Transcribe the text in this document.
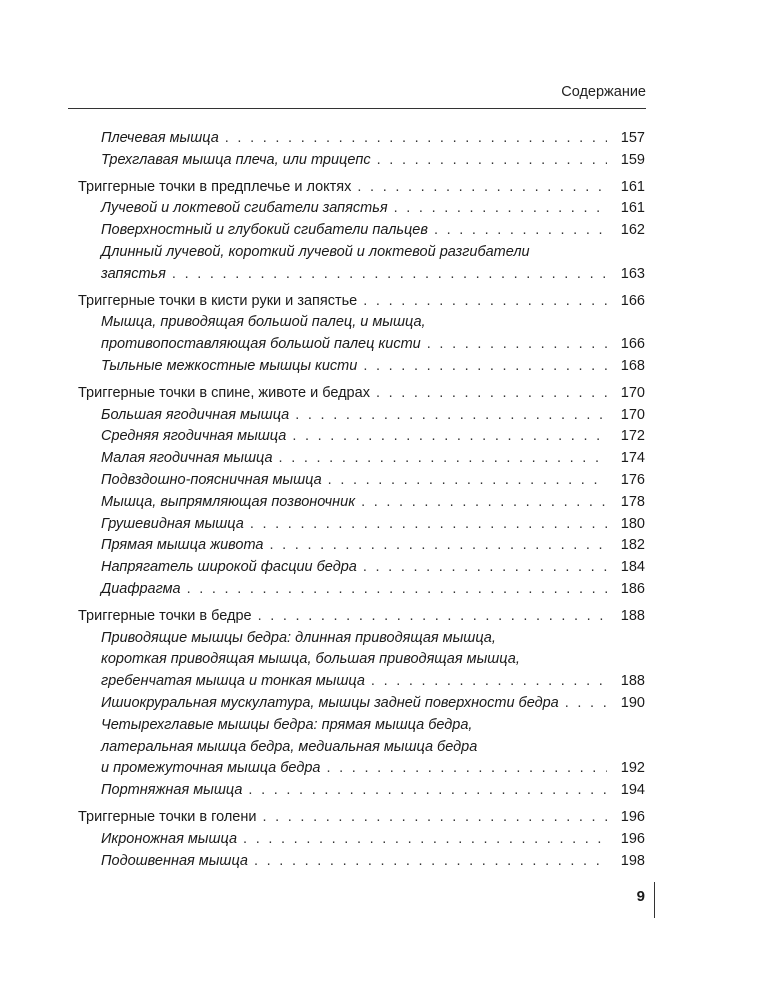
Содержание
Плечевая мышца . . .	157
Трехглавая мышца плеча, или трицепс . . .	159
Триггерные точки в предплечье и локтях . . .	161
Лучевой и локтевой сгибатели запястья . . .	161
Поверхностный и глубокий сгибатели пальцев . . .	162
Длинный лучевой, короткий лучевой и локтевой разгибатели
запястья . . .	163
Триггерные точки в кисти руки и запястье . . .	166
Мышца, приводящая большой палец, и мышца,
противопоставляющая большой палец кисти . . .	166
Тыльные межкостные мышцы кисти . . .	168
Триггерные точки в спине, животе и бедрах . . .	170
Большая ягодичная мышца . . .	170
Средняя ягодичная мышца . . .	172
Малая ягодичная мышца . . .	174
Подвздошно-поясничная мышца . . .	176
Мышца, выпрямляющая позвоночник . . .	178
Грушевидная мышца . . .	180
Прямая мышца живота . . .	182
Напрягатель широкой фасции бедра . . .	184
Диафрагма . . .	186
Триггерные точки в бедре . . .	188
Приводящие мышцы бедра: длинная приводящая мышца,
короткая приводящая мышца, большая приводящая мышца,
гребенчатая мышца и тонкая мышца . . .	188
Ишиокруральная мускулатура, мышцы задней поверхности бедра . . .	190
Четырехглавые мышцы бедра: прямая мышца бедра,
латеральная мышца бедра, медиальная мышца бедра
и промежуточная мышца бедра . . .	192
Портняжная мышца . . .	194
Триггерные точки в голени . . .	196
Икроножная мышца . . .	196
Подошвенная мышца . . .	198
9
